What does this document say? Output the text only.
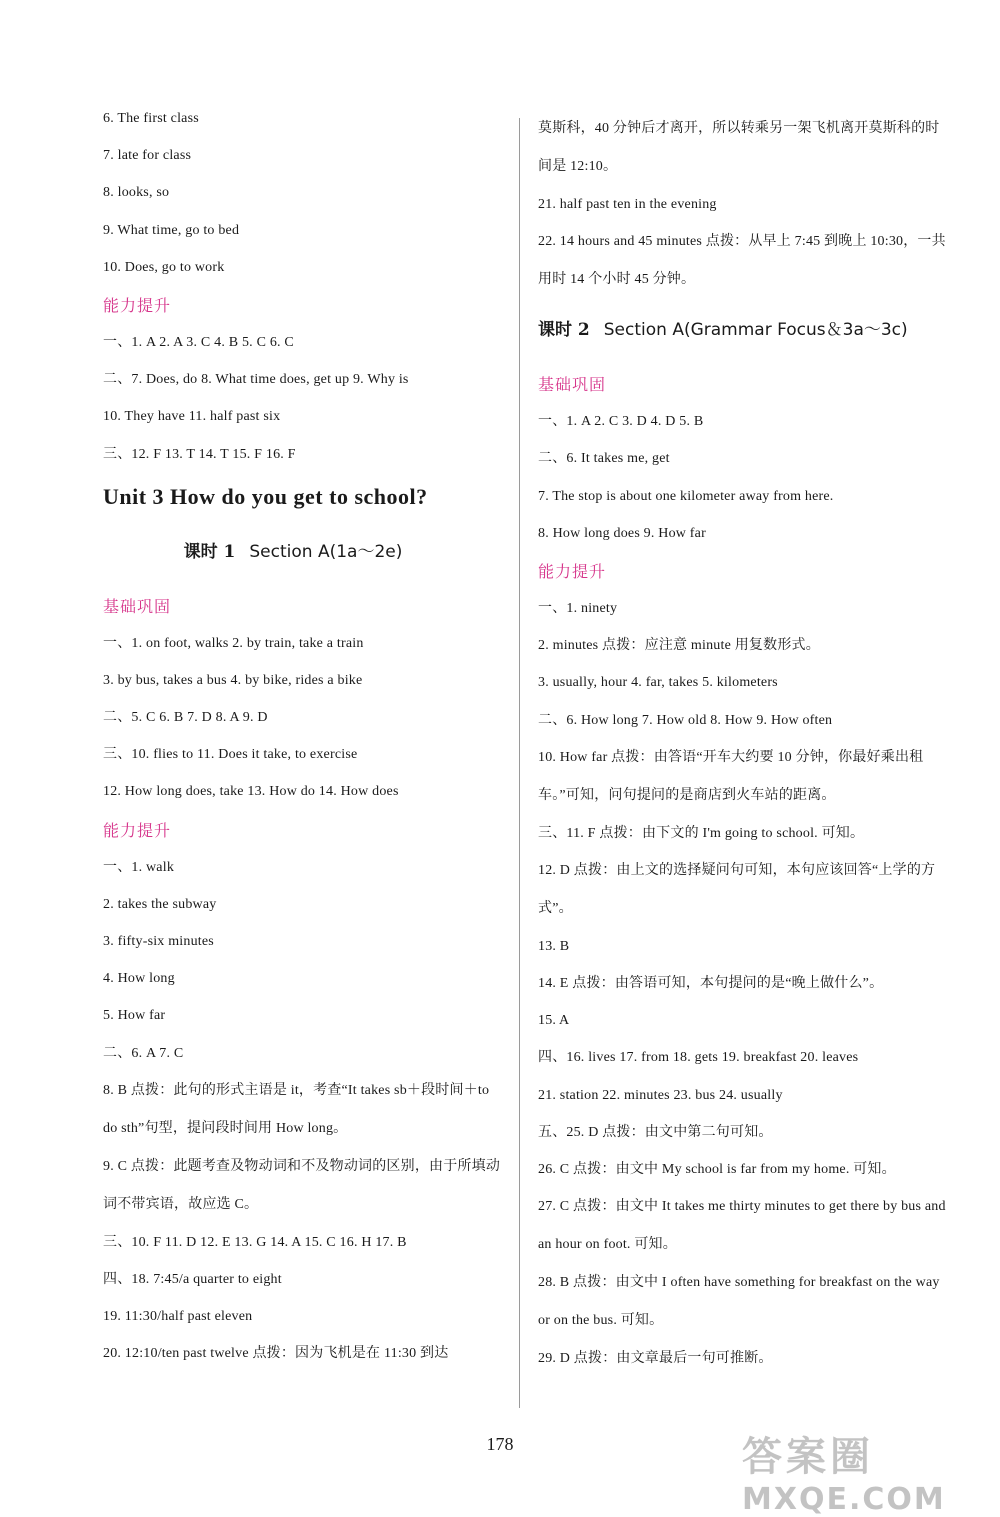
6. The first class
7. late for class
8. looks, so
9. What time, go to bed
10. Does, go to work
能力提升
一、1. A 2. A 3. C 4. B 5. C 6. C
二、7. Does, do 8. What time does, get up 9. Why is
10. They have 11. half past six
三、12. F 13. T 14. T 15. F 16. F
Unit 3 How do you get to school?
课时 1 Section A(1a～2e)
基础巩固
一、1. on foot, walks 2. by train, take a train
3. by bus, takes a bus 4. by bike, rides a bike
二、5. C 6. B 7. D 8. A 9. D
三、10. flies to 11. Does it take, to exercise
12. How long does, take 13. How do 14. How does
能力提升
一、1. walk
2. takes the subway
3. fifty-six minutes
4. How long
5. How far
二、6. A 7. C
8. B 点拨：此句的形式主语是 it，考查“It takes sb＋段时间＋to do sth”句型，提问段时间用 How long。
9. C 点拨：此题考查及物动词和不及物动词的区别，由于所填动词不带宾语，故应选 C。
三、10. F 11. D 12. E 13. G 14. A 15. C 16. H 17. B
四、18. 7:45/a quarter to eight
19. 11:30/half past eleven
20. 12:10/ten past twelve 点拨：因为飞机是在 11:30 到达
莫斯科，40 分钟后才离开，所以转乘另一架飞机离开莫斯科的时间是 12:10。
21. half past ten in the evening
22. 14 hours and 45 minutes 点拨：从早上 7:45 到晚上 10:30，一共用时 14 个小时 45 分钟。
课时 2 Section A(Grammar Focus＆3a～3c)
基础巩固
一、1. A 2. C 3. D 4. D 5. B
二、6. It takes me, get
7. The stop is about one kilometer away from here.
8. How long does 9. How far
能力提升
一、1. ninety
2. minutes 点拨：应注意 minute 用复数形式。
3. usually, hour 4. far, takes 5. kilometers
二、6. How long 7. How old 8. How 9. How often
10. How far 点拨：由答语“开车大约要 10 分钟，你最好乘出租车。”可知，问句提问的是商店到火车站的距离。
三、11. F 点拨：由下文的 I'm going to school. 可知。
12. D 点拨：由上文的选择疑问句可知，本句应该回答“上学的方式”。
13. B
14. E 点拨：由答语可知，本句提问的是“晚上做什么”。
15. A
四、16. lives 17. from 18. gets 19. breakfast 20. leaves
21. station 22. minutes 23. bus 24. usually
五、25. D 点拨：由文中第二句可知。
26. C 点拨：由文中 My school is far from my home. 可知。
27. C 点拨：由文中 It takes me thirty minutes to get there by bus and an hour on foot. 可知。
28. B 点拨：由文中 I often have something for breakfast on the way or on the bus. 可知。
29. D 点拨：由文章最后一句可推断。
178	答案圈
MXQE.COM
